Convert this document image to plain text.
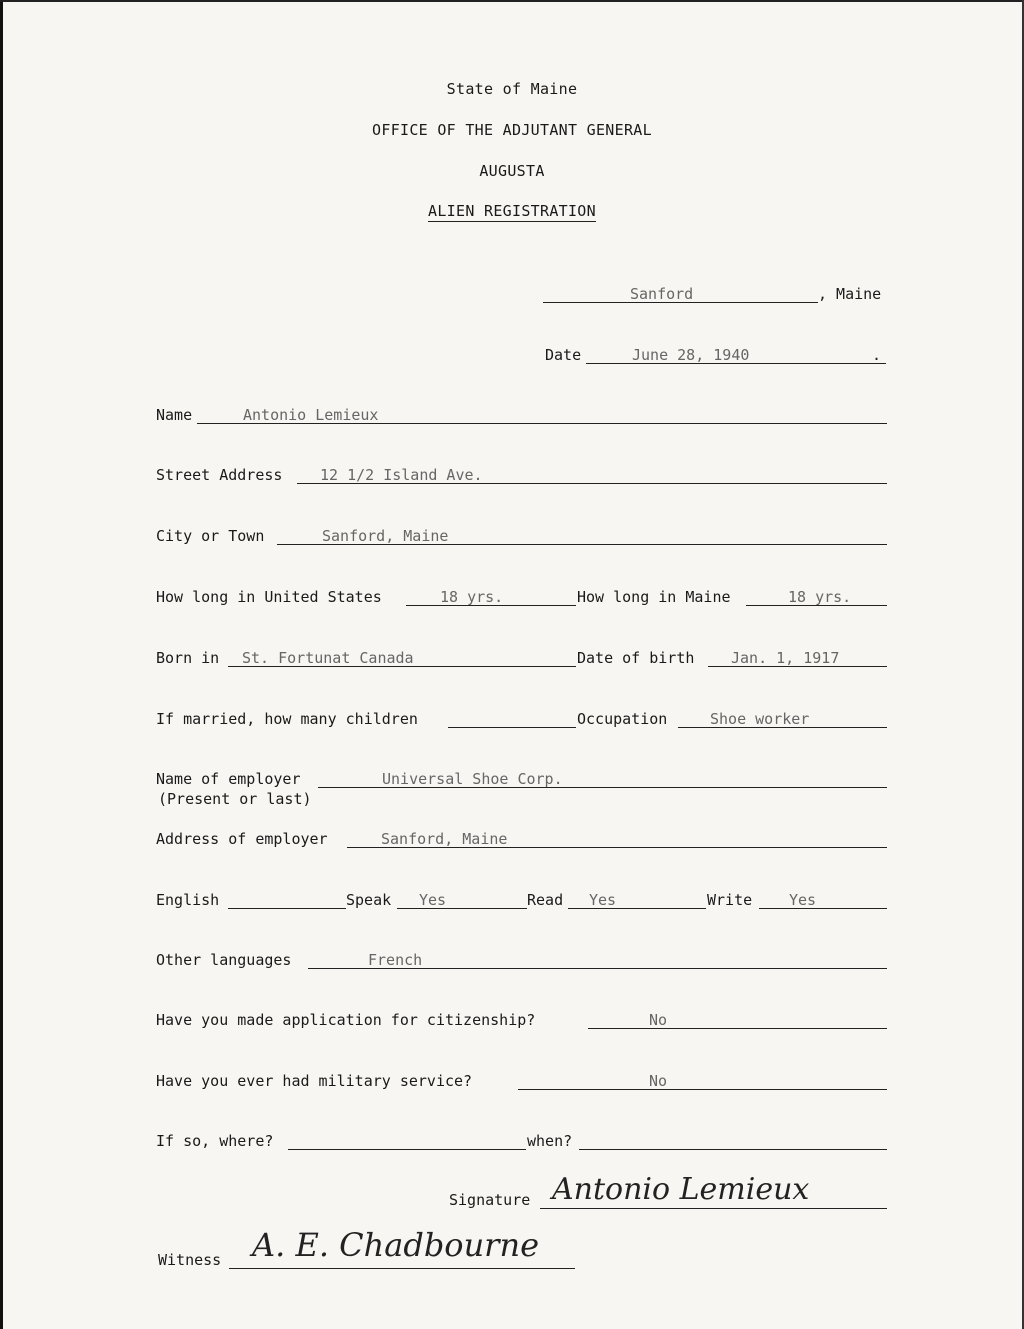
State of Maine
OFFICE OF THE ADJUTANT GENERAL
AUGUSTA
ALIEN REGISTRATION
Sanford	, Maine
Date	June 28, 1940	.
Name	Antonio Lemieux
Street Address	12 1/2 Island Ave.
City or Town	Sanford, Maine
How long in United States	18 yrs.	How long in Maine	18 yrs.
Born in St. Fortunat Canada	Date of birth Jan. 1, 1917
If married, how many children	Occupation	Shoe worker
Name of employer	Universal Shoe Corp.
(Present or last)
Address of employer	Sanford, Maine
English	Speak Yes	Read Yes	Write Yes
Other languages	French
Have you made application for citizenship?	No
Have you ever had military service?	No
If so, where?	when?
Signature Antonio Lemieux
Witness A. E. Chadbourne
